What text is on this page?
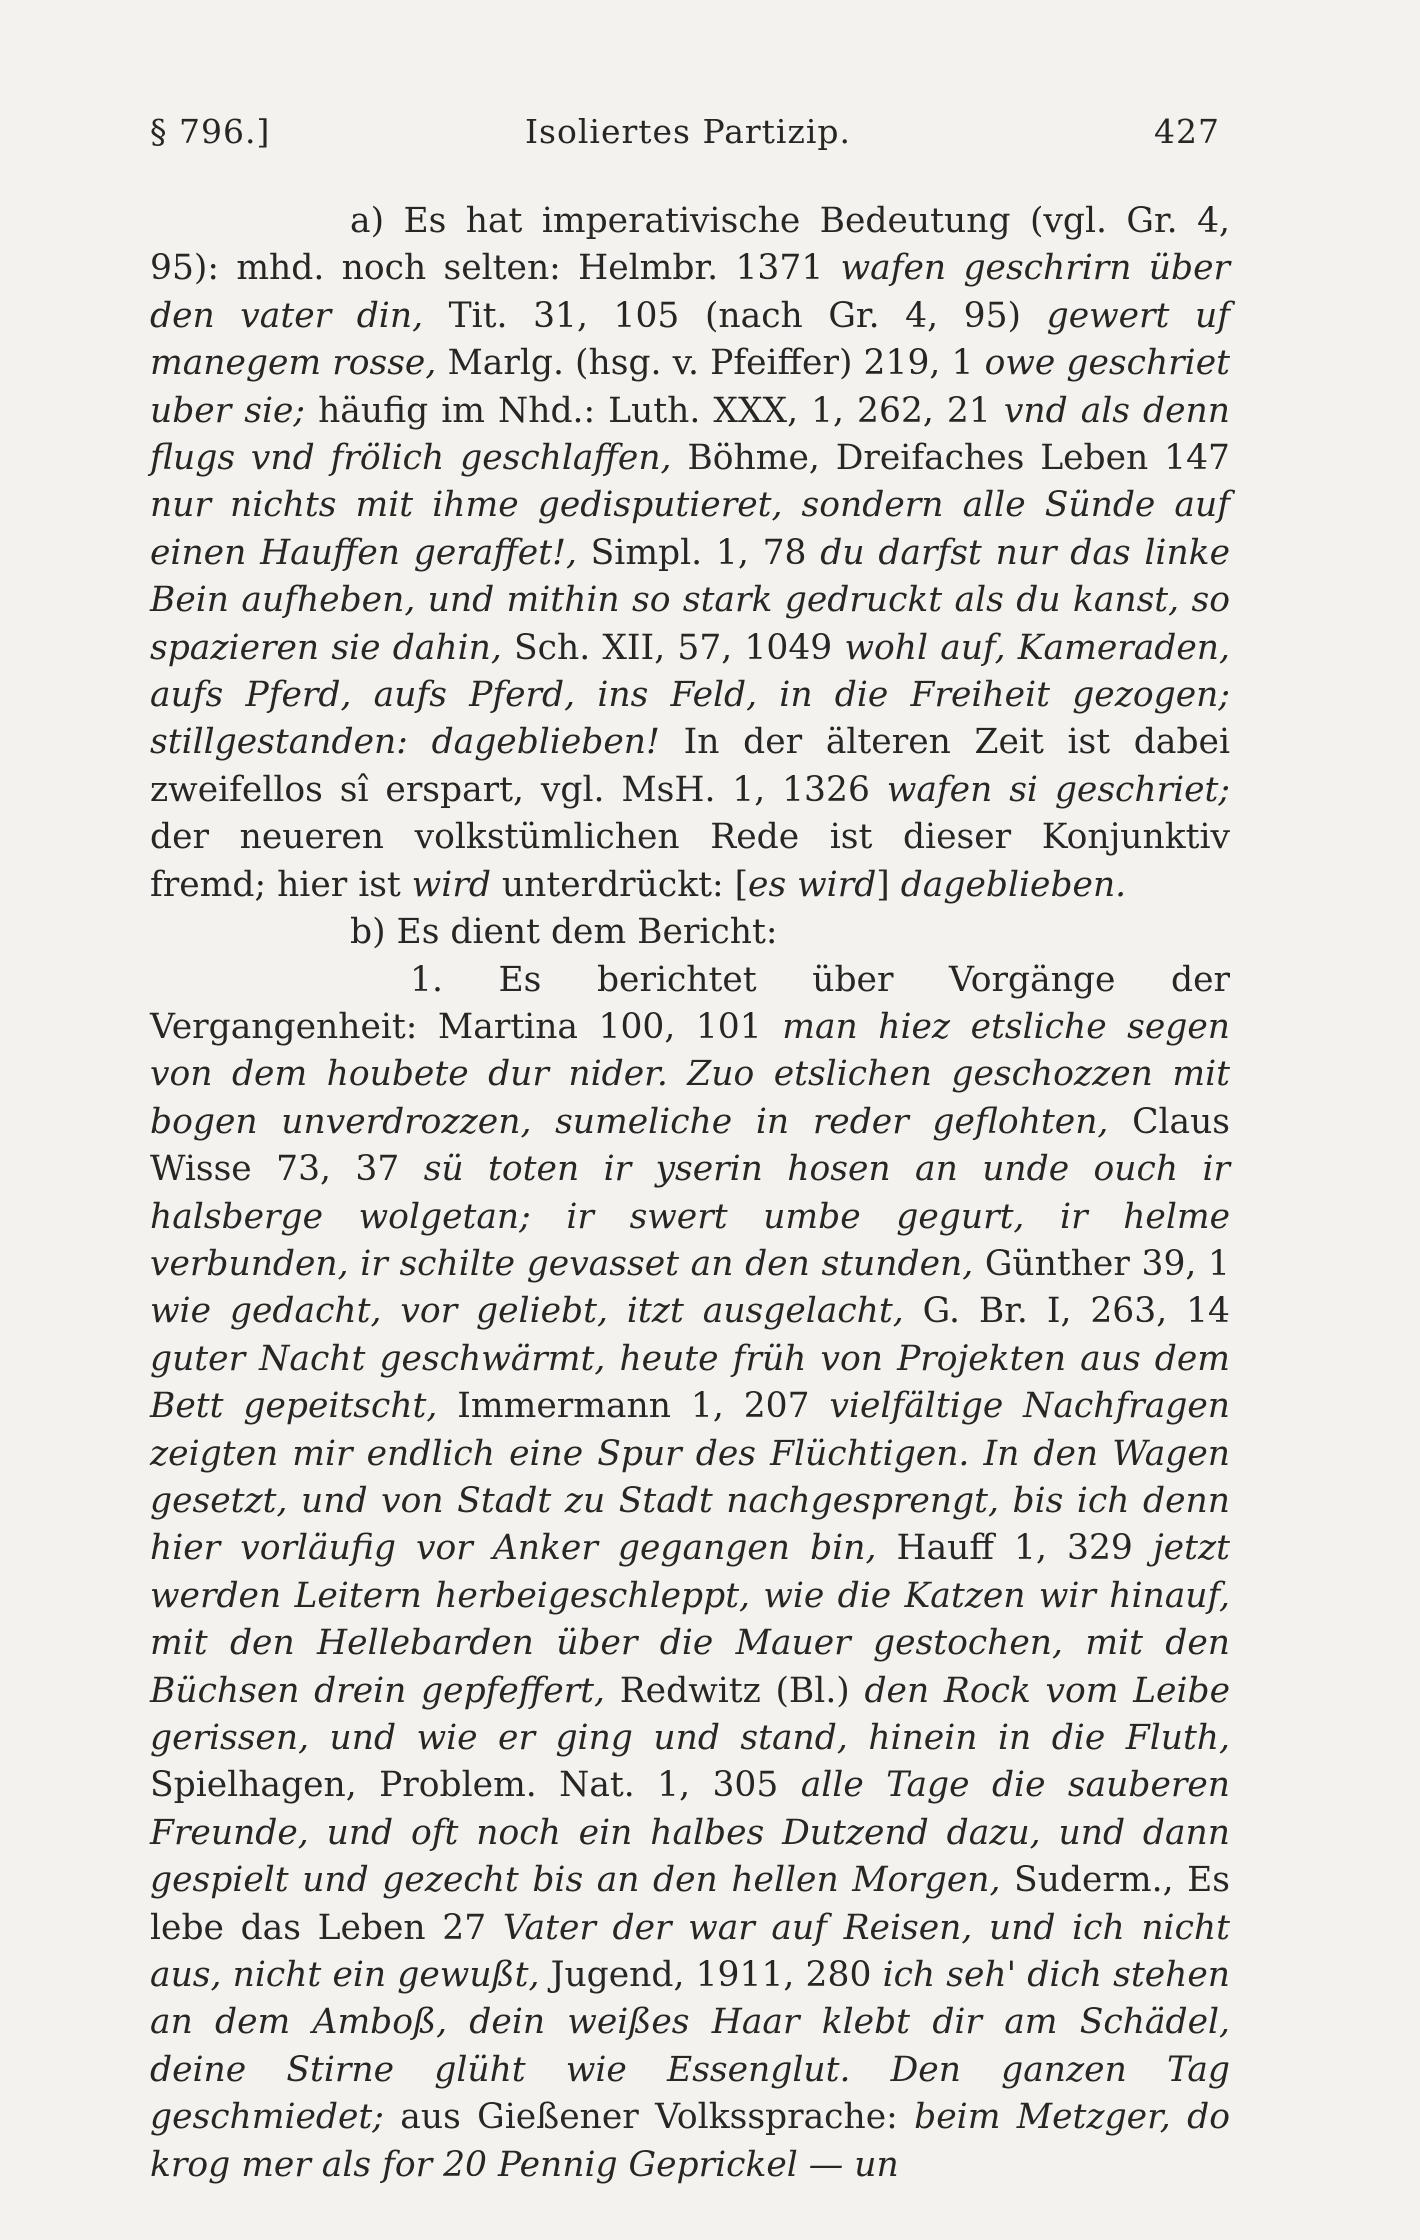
§ 796.]	Isoliertes Partizip.	427

a) Es hat imperativische Bedeutung (vgl. Gr. 4, 95): mhd. noch selten: Helmbr. 1371 wafen geschrirn über den vater din, Tit. 31, 105 (nach Gr. 4, 95) gewert uf manegem rosse, Marlg. (hsg. v. Pfeiffer) 219, 1 owe geschriet uber sie; häufig im Nhd.: Luth. XXX, 1, 262, 21 vnd als denn flugs vnd frölich geschlaffen, Böhme, Dreifaches Leben 147 nur nichts mit ihme gedisputieret, sondern alle Sünde auf einen Hauffen geraffet!, Simpl. 1, 78 du darfst nur das linke Bein aufheben, und mithin so stark gedruckt als du kanst, so spazieren sie dahin, Sch. XII, 57, 1049 wohl auf, Kameraden, aufs Pferd, aufs Pferd, ins Feld, in die Freiheit gezogen; stillgestanden: dageblieben! In der älteren Zeit ist dabei zweifellos sî erspart, vgl. MsH. 1, 1326 wafen si geschriet; der neueren volkstümlichen Rede ist dieser Konjunktiv fremd; hier ist wird unterdrückt: [es wird] dageblieben.

b) Es dient dem Bericht:

1. Es berichtet über Vorgänge der Vergangenheit: Martina 100, 101 man hiez etsliche segen von dem houbete dur nider. Zuo etslichen geschozzen mit bogen unverdrozzen, sumeliche in reder geflohten, Claus Wisse 73, 37 sü toten ir yserin hosen an unde ouch ir halsberge wolgetan; ir swert umbe gegurt, ir helme verbunden, ir schilte gevasset an den stunden, Günther 39, 1 wie gedacht, vor geliebt, itzt ausgelacht, G. Br. I, 263, 14 guter Nacht geschwärmt, heute früh von Projekten aus dem Bett gepeitscht, Immermann 1, 207 vielfältige Nachfragen zeigten mir endlich eine Spur des Flüchtigen. In den Wagen gesetzt, und von Stadt zu Stadt nachgesprengt, bis ich denn hier vorläufig vor Anker gegangen bin, Hauff 1, 329 jetzt werden Leitern herbeigeschleppt, wie die Katzen wir hinauf, mit den Hellebarden über die Mauer gestochen, mit den Büchsen drein gepfeffert, Redwitz (Bl.) den Rock vom Leibe gerissen, und wie er ging und stand, hinein in die Fluth, Spielhagen, Problem. Nat. 1, 305 alle Tage die sauberen Freunde, und oft noch ein halbes Dutzend dazu, und dann gespielt und gezecht bis an den hellen Morgen, Suderm., Es lebe das Leben 27 Vater der war auf Reisen, und ich nicht aus, nicht ein gewußt, Jugend, 1911, 280 ich seh' dich stehen an dem Amboß, dein weißes Haar klebt dir am Schädel, deine Stirne glüht wie Essenglut. Den ganzen Tag geschmiedet; aus Gießener Volkssprache: beim Metzger, do krog mer als for 20 Pennig Geprickel — un
